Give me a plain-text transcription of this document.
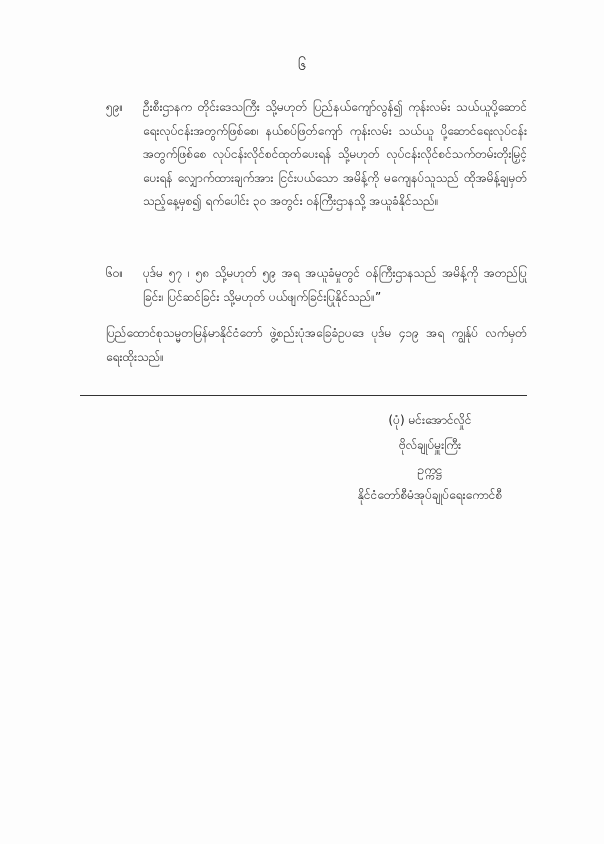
၆
၅၉။ ဦးစီးဌာနက တိုင်းဒေသကြီး သို့မဟုတ် ပြည်နယ်ကျော်လွန်၍ ကုန်းလမ်း သယ်ယူပို့ဆောင်ရေးလုပ်ငန်းအတွက်ဖြစ်စေ၊ နယ်စပ်ဖြတ်ကျော် ကုန်းလမ်း သယ်ယူ ပို့ဆောင်ရေးလုပ်ငန်းအတွက်ဖြစ်စေ လုပ်ငန်းလိုင်စင်ထုတ်ပေးရန် သို့မဟုတ် လုပ်ငန်းလိုင်စင်သက်တမ်းတိုးမြှင့်ပေးရန် လျှောက်ထားချက်အား ငြင်းပယ်သော အမိန့်ကို မကျေနပ်သူသည် ထိုအမိန့်ချမှတ်သည့်နေ့မှစ၍ ရက်ပေါင်း ၃၀ အတွင်း ဝန်ကြီးဌာနသို့ အယူခံနိုင်သည်။
၆၀။ ပုဒ်မ ၅၇ ၊ ၅၈ သို့မဟုတ် ၅၉ အရ အယူခံမှုတွင် ဝန်ကြီးဌာနသည် အမိန့်ကို အတည်ပြုခြင်း၊ ပြင်ဆင်ခြင်း သို့မဟုတ် ပယ်ဖျက်ခြင်းပြုနိုင်သည်။”
ပြည်ထောင်စုသမ္မတမြန်မာနိုင်ငံတော် ဖွဲ့စည်းပုံအခြေခံဥပဒေ ပုဒ်မ ၄၁၉ အရ ကျွန်ုပ် လက်မှတ် ရေးထိုးသည်။
(ပုံ) မင်းအောင်လှိုင်
ဗိုလ်ချုပ်မှူးကြီး
ဥက္ကဋ္ဌ
နိုင်ငံတော်စီမံအုပ်ချုပ်ရေးကောင်စီ
